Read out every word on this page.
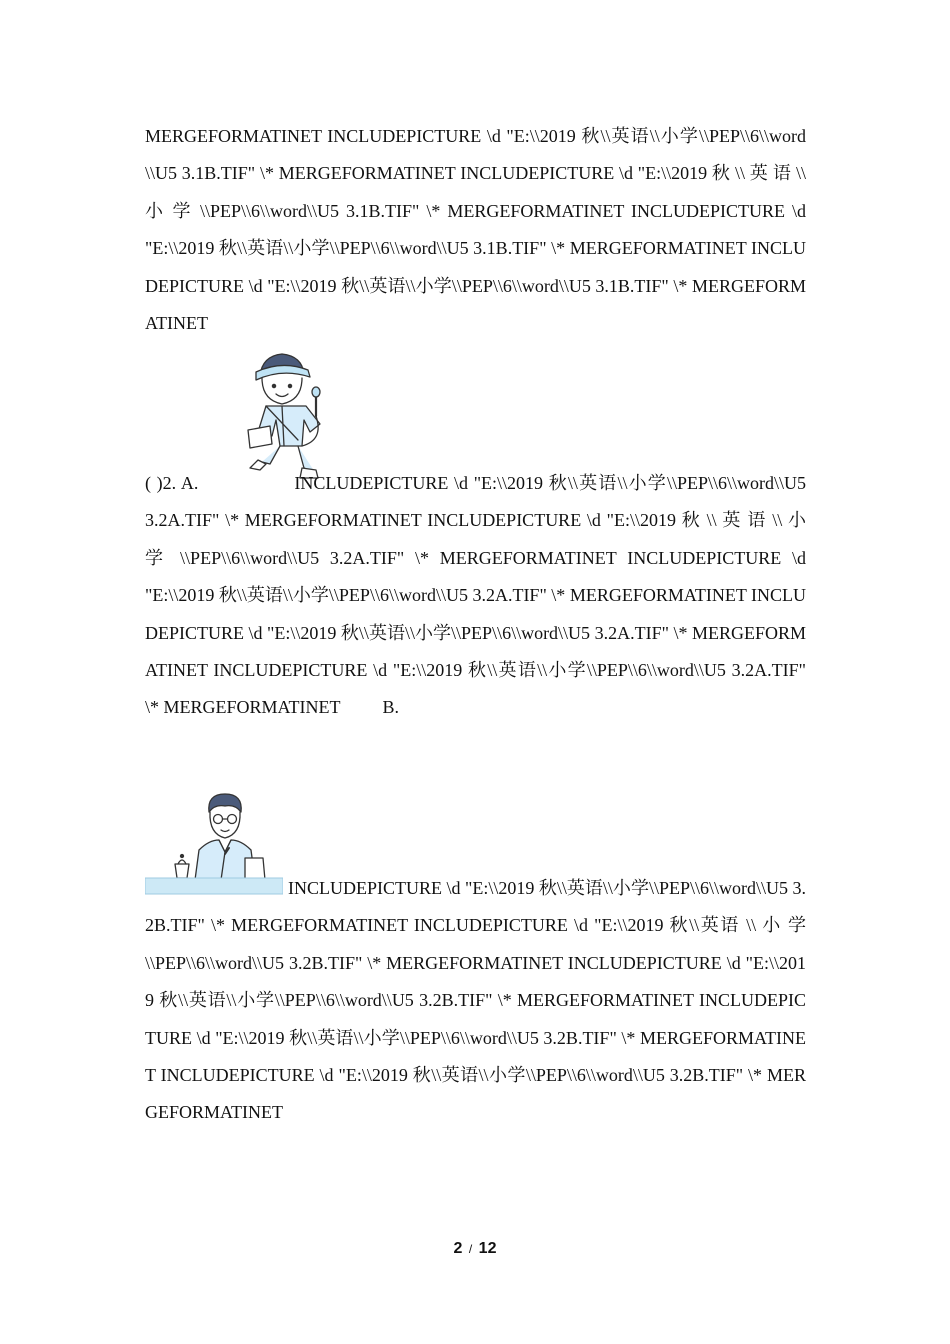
MERGEFORMATINET INCLUDEPICTURE \d "E:\\2019 秋\\英语\\小学\\PEP\\6\\word\\U5 3.1B.TIF" \* MERGEFORMATINET INCLUDEPICTURE \d "E:\\2019 秋 \\ 英 语 \\ 小 学 \\PEP\\6\\word\\U5 3.1B.TIF" \* MERGEFORMATINET INCLUDEPICTURE \d "E:\\2019 秋\\英语\\小学\\PEP\\6\\word\\U5 3.1B.TIF" \* MERGEFORMATINET INCLUDEPICTURE \d "E:\\2019 秋\\英语\\小学\\PEP\\6\\word\\U5 3.1B.TIF" \* MERGEFORMATINET

( )2. A.	INCLUDEPICTURE \d "E:\\2019 秋\\英语\\小学\\PEP\\6\\word\\U5 3.2A.TIF" \* MERGEFORMATINET INCLUDEPICTURE \d "E:\\2019 秋 \\ 英 语 \\ 小 学 \\PEP\\6\\word\\U5 3.2A.TIF" \* MERGEFORMATINET INCLUDEPICTURE \d "E:\\2019 秋\\英语\\小学\\PEP\\6\\word\\U5 3.2A.TIF" \* MERGEFORMATINET INCLUDEPICTURE \d "E:\\2019 秋\\英语\\小学\\PEP\\6\\word\\U5 3.2A.TIF" \* MERGEFORMATINET INCLUDEPICTURE \d "E:\\2019 秋\\英语\\小学\\PEP\\6\\word\\U5 3.2A.TIF" \* MERGEFORMATINET B.

INCLUDEPICTURE \d "E:\\2019 秋\\英语\\小学\\PEP\\6\\word\\U5 3.2B.TIF" \* MERGEFORMATINET INCLUDEPICTURE \d "E:\\2019 秋\\英语 \\ 小 学 \\PEP\\6\\word\\U5 3.2B.TIF" \* MERGEFORMATINET INCLUDEPICTURE \d "E:\\2019 秋\\英语\\小学\\PEP\\6\\word\\U5 3.2B.TIF" \* MERGEFORMATINET INCLUDEPICTURE \d "E:\\2019 秋\\英语\\小学\\PEP\\6\\word\\U5 3.2B.TIF" \* MERGEFORMATINET INCLUDEPICTURE \d "E:\\2019 秋\\英语\\小学\\PEP\\6\\word\\U5 3.2B.TIF" \* MERGEFORMATINET

2 / 12
